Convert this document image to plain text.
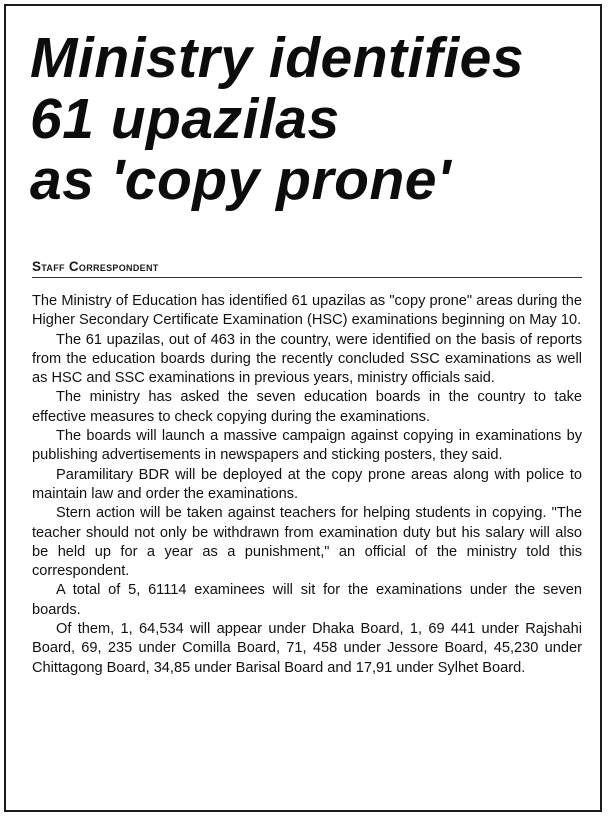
Ministry identifies
61 upazilas
as 'copy prone'
Staff Correspondent

The Ministry of Education has identified 61 upazilas as "copy prone" areas during the Higher Secondary Certificate Examination (HSC) examinations beginning on May 10.

The 61 upazilas, out of 463 in the country, were identified on the basis of reports from the education boards during the recently concluded SSC examinations as well as HSC and SSC examinations in previous years, ministry officials said.

The ministry has asked the seven education boards in the country to take effective measures to check copying during the examinations.

The boards will launch a massive campaign against copying in examinations by publishing advertisements in newspapers and sticking posters, they said.

Paramilitary BDR will be deployed at the copy prone areas along with police to maintain law and order the examinations.

Stern action will be taken against teachers for helping students in copying. "The teacher should not only be withdrawn from examination duty but his salary will also be held up for a year as a punishment," an official of the ministry told this correspondent.

A total of 5, 61114 examinees will sit for the examinations under the seven boards.

Of them, 1, 64,534 will appear under Dhaka Board, 1, 69 441 under Rajshahi Board, 69, 235 under Comilla Board, 71, 458 under Jessore Board, 45,230 under Chittagong Board, 34,85 under Barisal Board and 17,91 under Sylhet Board.
